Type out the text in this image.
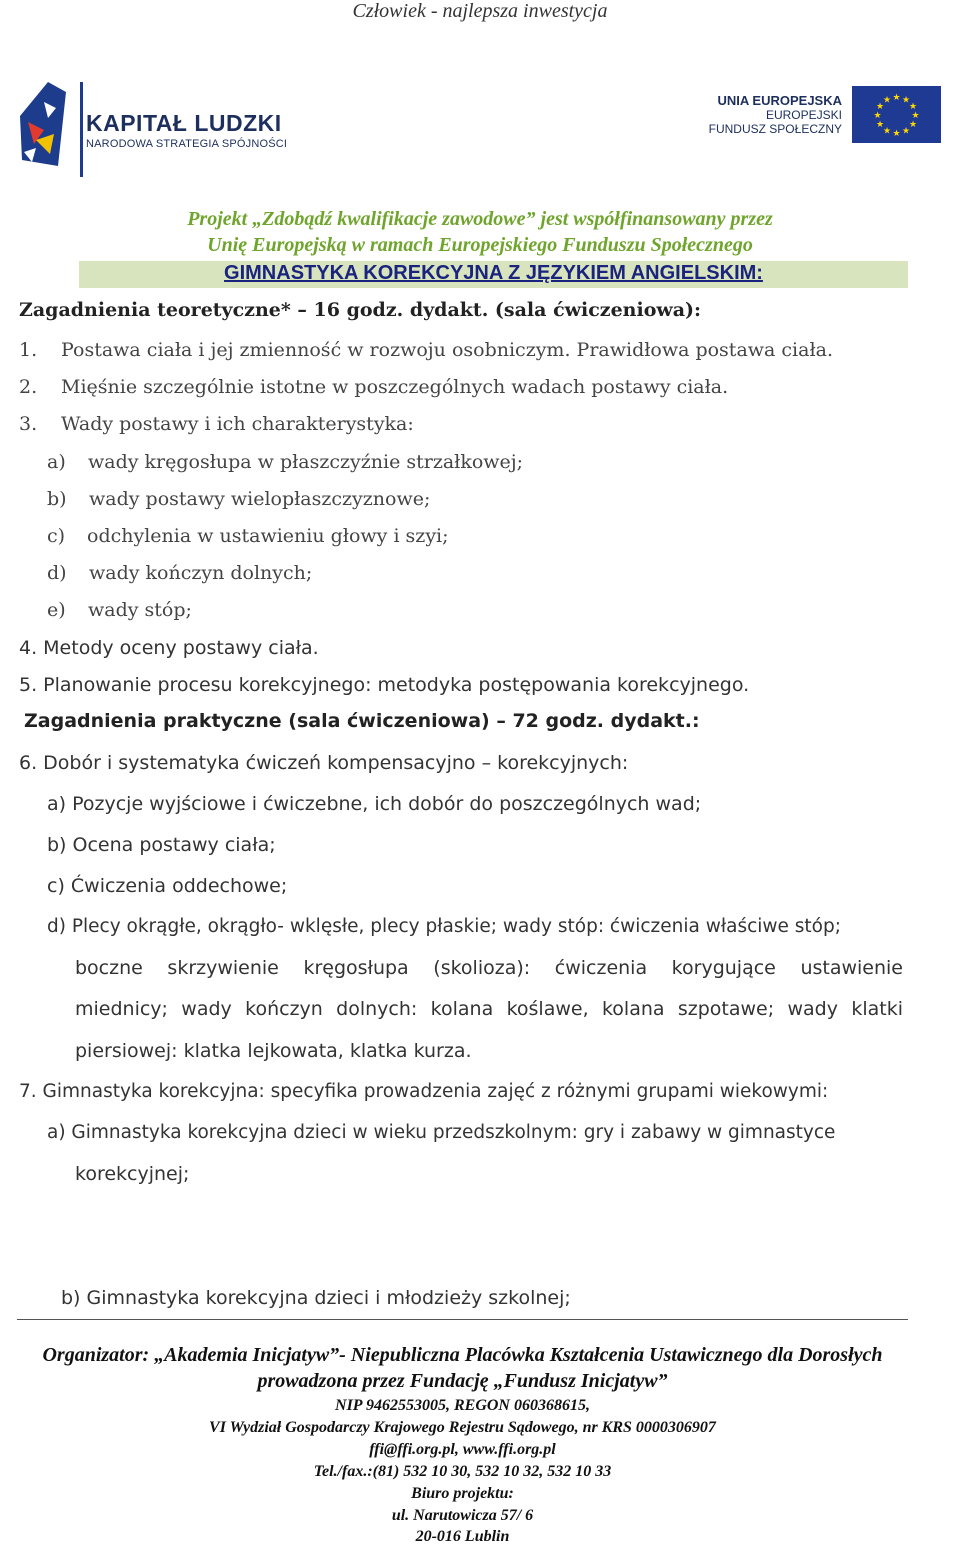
Człowiek - najlepsza inwestycja
KAPITAŁ LUDZKI
NARODOWA STRATEGIA SPÓJNOŚCI
UNIA EUROPEJSKA
EUROPEJSKI
FUNDUSZ SPOŁECZNY
★ ★
★
★
★
★
★
★
★
★
★
★
Projekt „Zdobądź kwalifikacje zawodowe” jest współfinansowany przez
Unię Europejską w ramach Europejskiego Funduszu Społecznego
GIMNASTYKA KOREKCYJNA Z JĘZYKIEM ANGIELSKIM:
Zagadnienia teoretyczne* – 16 godz. dydakt. (sala ćwiczeniowa):
1. Postawa ciała i jej zmienność w rozwoju osobniczym. Prawidłowa postawa ciała.
2. Mięśnie szczególnie istotne w poszczególnych wadach postawy ciała.
3. Wady postawy i ich charakterystyka:
a) wady kręgosłupa w płaszczyźnie strzałkowej;
b) wady postawy wielopłaszczyznowe;
c) odchylenia w ustawieniu głowy i szyi;
d) wady kończyn dolnych;
e) wady stóp;
4. Metody oceny postawy ciała.
5. Planowanie procesu korekcyjnego: metodyka postępowania korekcyjnego.
Zagadnienia praktyczne (sala ćwiczeniowa) – 72 godz. dydakt.:
6. Dobór i systematyka ćwiczeń kompensacyjno – korekcyjnych:
a) Pozycje wyjściowe i ćwiczebne, ich dobór do poszczególnych wad;
b) Ocena postawy ciała;
c) Ćwiczenia oddechowe;
d) Plecy okrągłe, okrągło- wklęsłe, plecy płaskie; wady stóp: ćwiczenia właściwe stóp;
boczne skrzywienie kręgosłupa (skolioza): ćwiczenia korygujące ustawienie
miednicy; wady kończyn dolnych: kolana koślawe, kolana szpotawe; wady klatki
piersiowej: klatka lejkowata, klatka kurza.
7. Gimnastyka korekcyjna: specyfika prowadzenia zajęć z różnymi grupami wiekowymi:
a) Gimnastyka korekcyjna dzieci w wieku przedszkolnym: gry i zabawy w gimnastyce
korekcyjnej;
b) Gimnastyka korekcyjna dzieci i młodzieży szkolnej;
Organizator: „Akademia Inicjatyw”- Niepubliczna Placówka Kształcenia Ustawicznego dla Dorosłych
prowadzona przez Fundację „Fundusz Inicjatyw”
NIP 9462553005, REGON 060368615,
VI Wydział Gospodarczy Krajowego Rejestru Sądowego, nr KRS 0000306907
ffi@ffi.org.pl, www.ffi.org.pl
Tel./fax.:(81) 532 10 30, 532 10 32, 532 10 33
Biuro projektu:
ul. Narutowicza 57/ 6
20-016 Lublin
